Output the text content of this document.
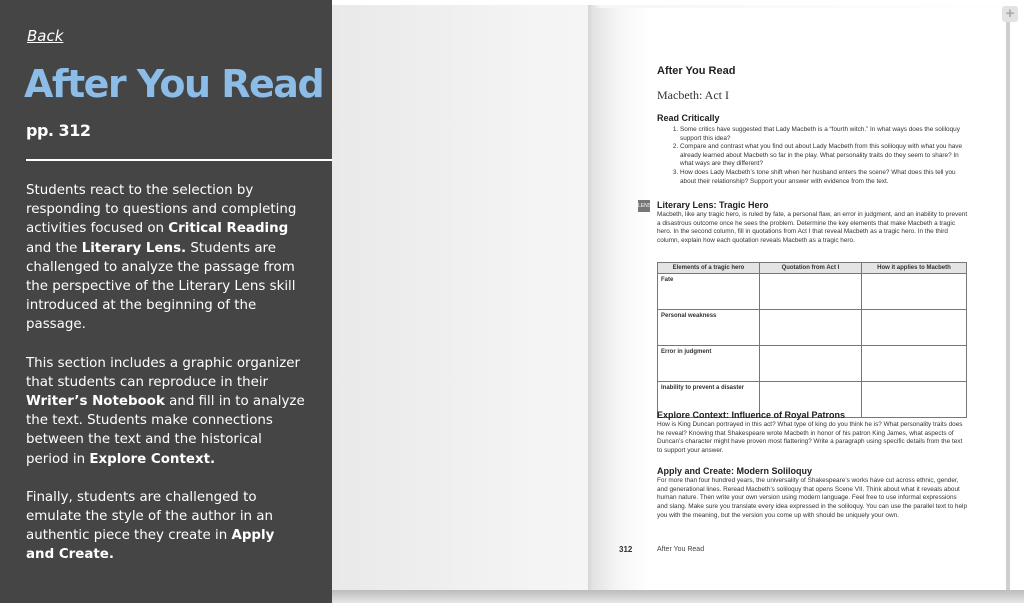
Back
After You Read
pp. 312

Students react to the selection by responding to questions and completing activities focused on Critical Reading and the Literary Lens. Students are challenged to analyze the passage from the perspective of the Literary Lens skill introduced at the beginning of the passage.

This section includes a graphic organizer that students can reproduce in their Writer’s Notebook and fill in to analyze the text. Students make connections between the text and the historical period in Explore Context.

Finally, students are challenged to emulate the style of the author in an authentic piece they create in Apply and Create.

+
After You Read
Macbeth: Act I
Read Critically
1. Some critics have suggested that Lady Macbeth is a “fourth witch.” In what ways does the soliloquy support this idea?
2. Compare and contrast what you find out about Lady Macbeth from this soliloquy with what you have already learned about Macbeth so far in the play. What personality traits do they seem to share? In what ways are they different?
3. How does Lady Macbeth’s tone shift when her husband enters the scene? What does this tell you about their relationship? Support your answer with evidence from the text.
LENS Literary Lens: Tragic Hero
Macbeth, like any tragic hero, is ruled by fate, a personal flaw, an error in judgment, and an inability to prevent a disastrous outcome once he sees the problem. Determine the key elements that make Macbeth a tragic hero. In the second column, fill in quotations from Act I that reveal Macbeth as a tragic hero. In the third column, explain how each quotation reveals Macbeth as a tragic hero.
Elements of a tragic hero	Quotation from Act I	How it applies to Macbeth
Fate		
Personal weakness		
Error in judgment		
Inability to prevent a disaster		
Explore Context: Influence of Royal Patrons
How is King Duncan portrayed in this act? What type of king do you think he is? What personality traits does he reveal? Knowing that Shakespeare wrote Macbeth in honor of his patron King James, what aspects of Duncan’s character might have proven most flattering? Write a paragraph using specific details from the text to support your answer.
Apply and Create: Modern Soliloquy
For more than four hundred years, the universality of Shakespeare’s works have cut across ethnic, gender, and generational lines. Reread Macbeth’s soliloquy that opens Scene VII. Think about what it reveals about human nature. Then write your own version using modern language. Feel free to use informal expressions and slang. Make sure you translate every idea expressed in the soliloquy. You can use the parallel text to help you with the meaning, but the version you come up with should be uniquely your own.
312	After You Read
